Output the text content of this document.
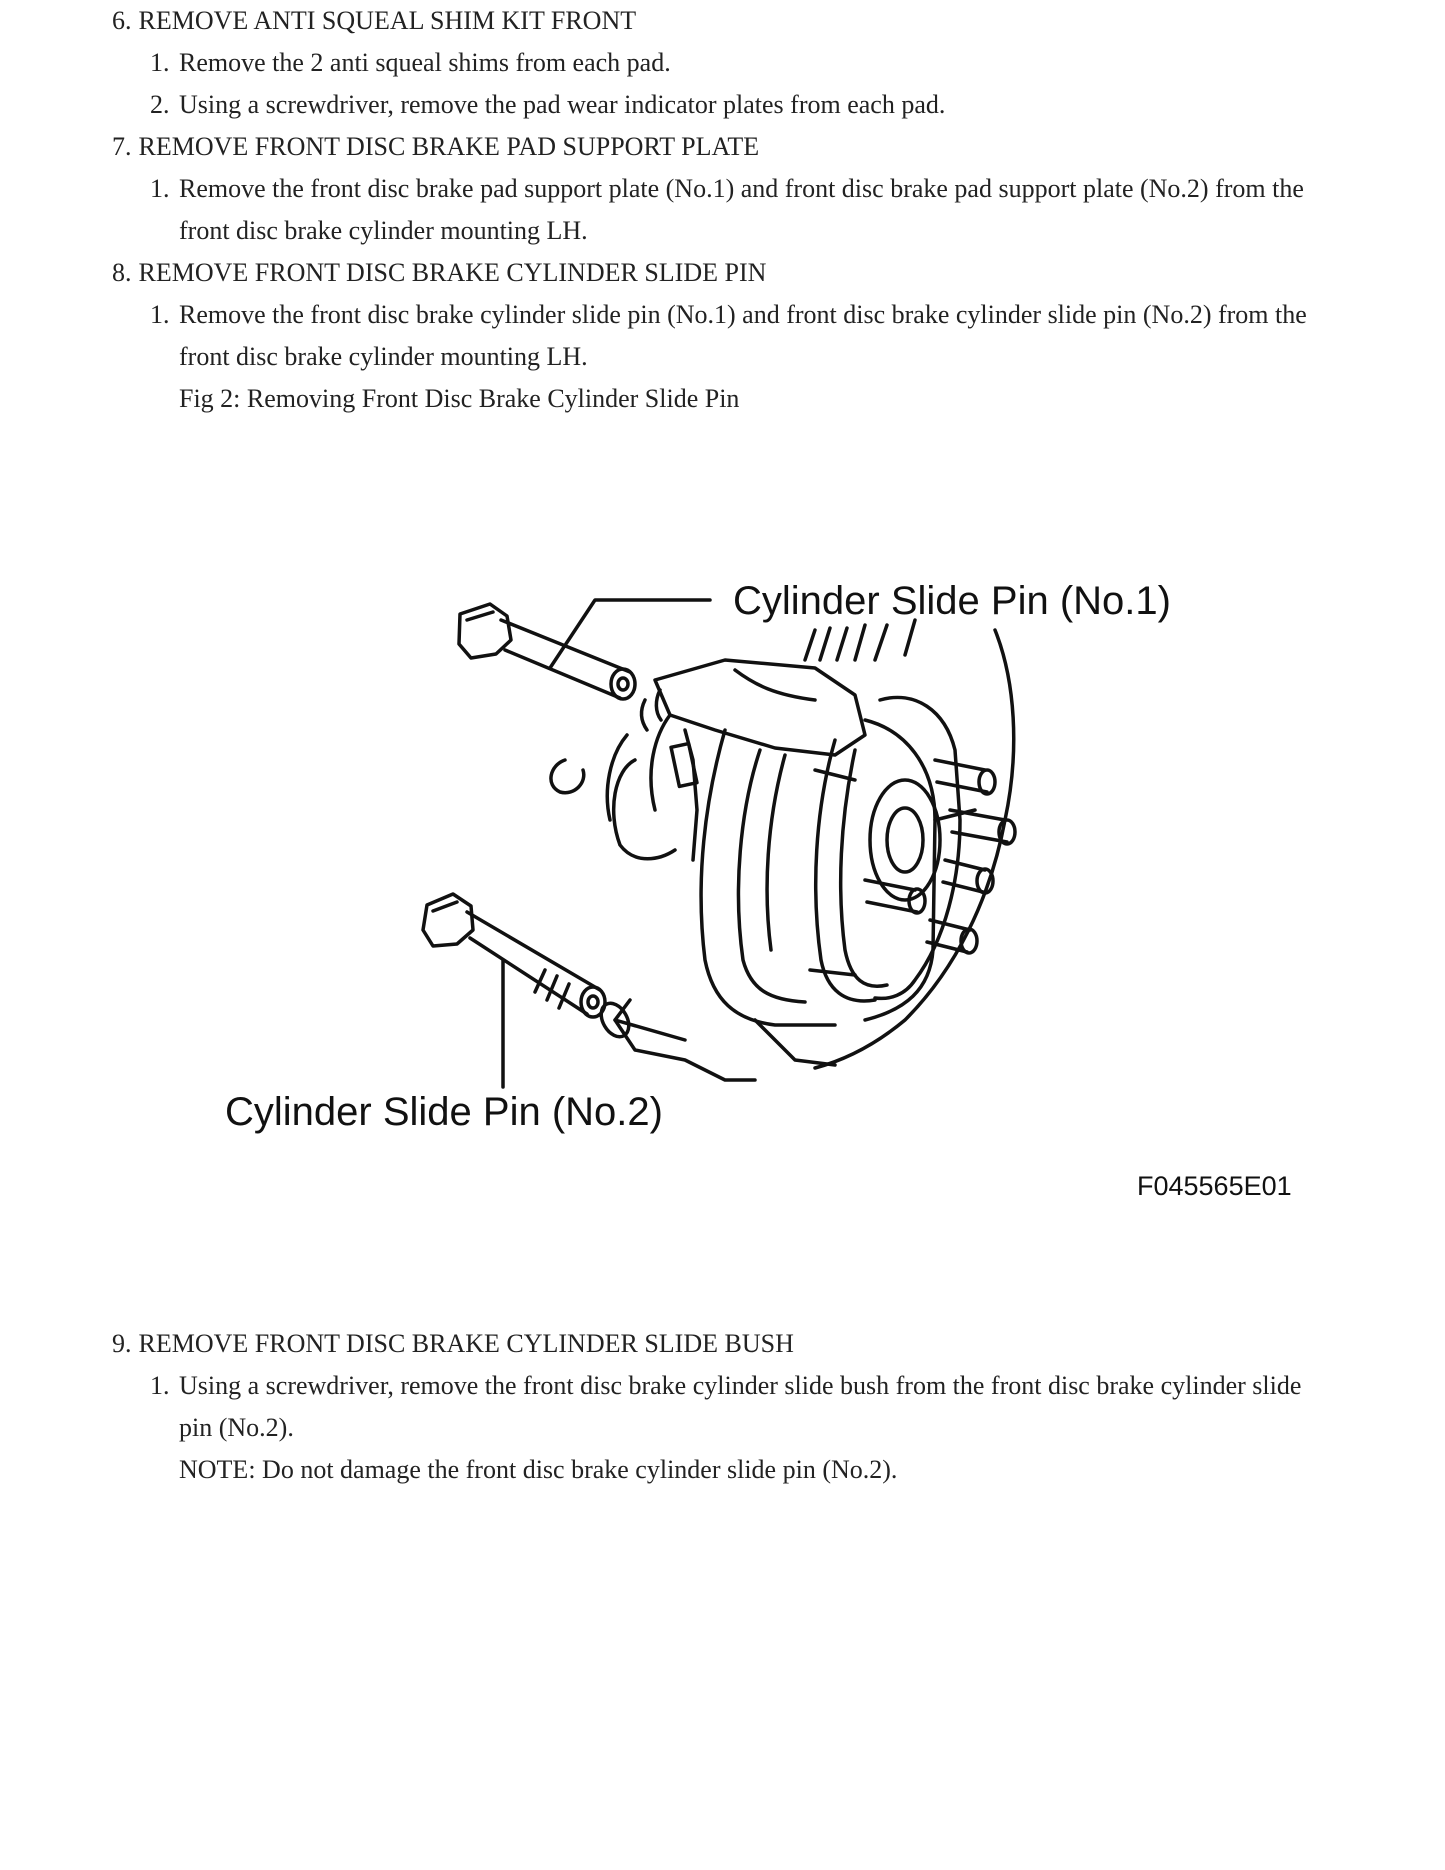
6. REMOVE ANTI SQUEAL SHIM KIT FRONT
1. Remove the 2 anti squeal shims from each pad.
2. Using a screwdriver, remove the pad wear indicator plates from each pad.
7. REMOVE FRONT DISC BRAKE PAD SUPPORT PLATE
1. Remove the front disc brake pad support plate (No.1) and front disc brake pad support plate (No.2) from the front disc brake cylinder mounting LH.
8. REMOVE FRONT DISC BRAKE CYLINDER SLIDE PIN
1. Remove the front disc brake cylinder slide pin (No.1) and front disc brake cylinder slide pin (No.2) from the front disc brake cylinder mounting LH.
Fig 2: Removing Front Disc Brake Cylinder Slide Pin
Cylinder Slide Pin (No.1)
Cylinder Slide Pin (No.2)
F045565E01
9. REMOVE FRONT DISC BRAKE CYLINDER SLIDE BUSH
1. Using a screwdriver, remove the front disc brake cylinder slide bush from the front disc brake cylinder slide pin (No.2).
NOTE: Do not damage the front disc brake cylinder slide pin (No.2).
